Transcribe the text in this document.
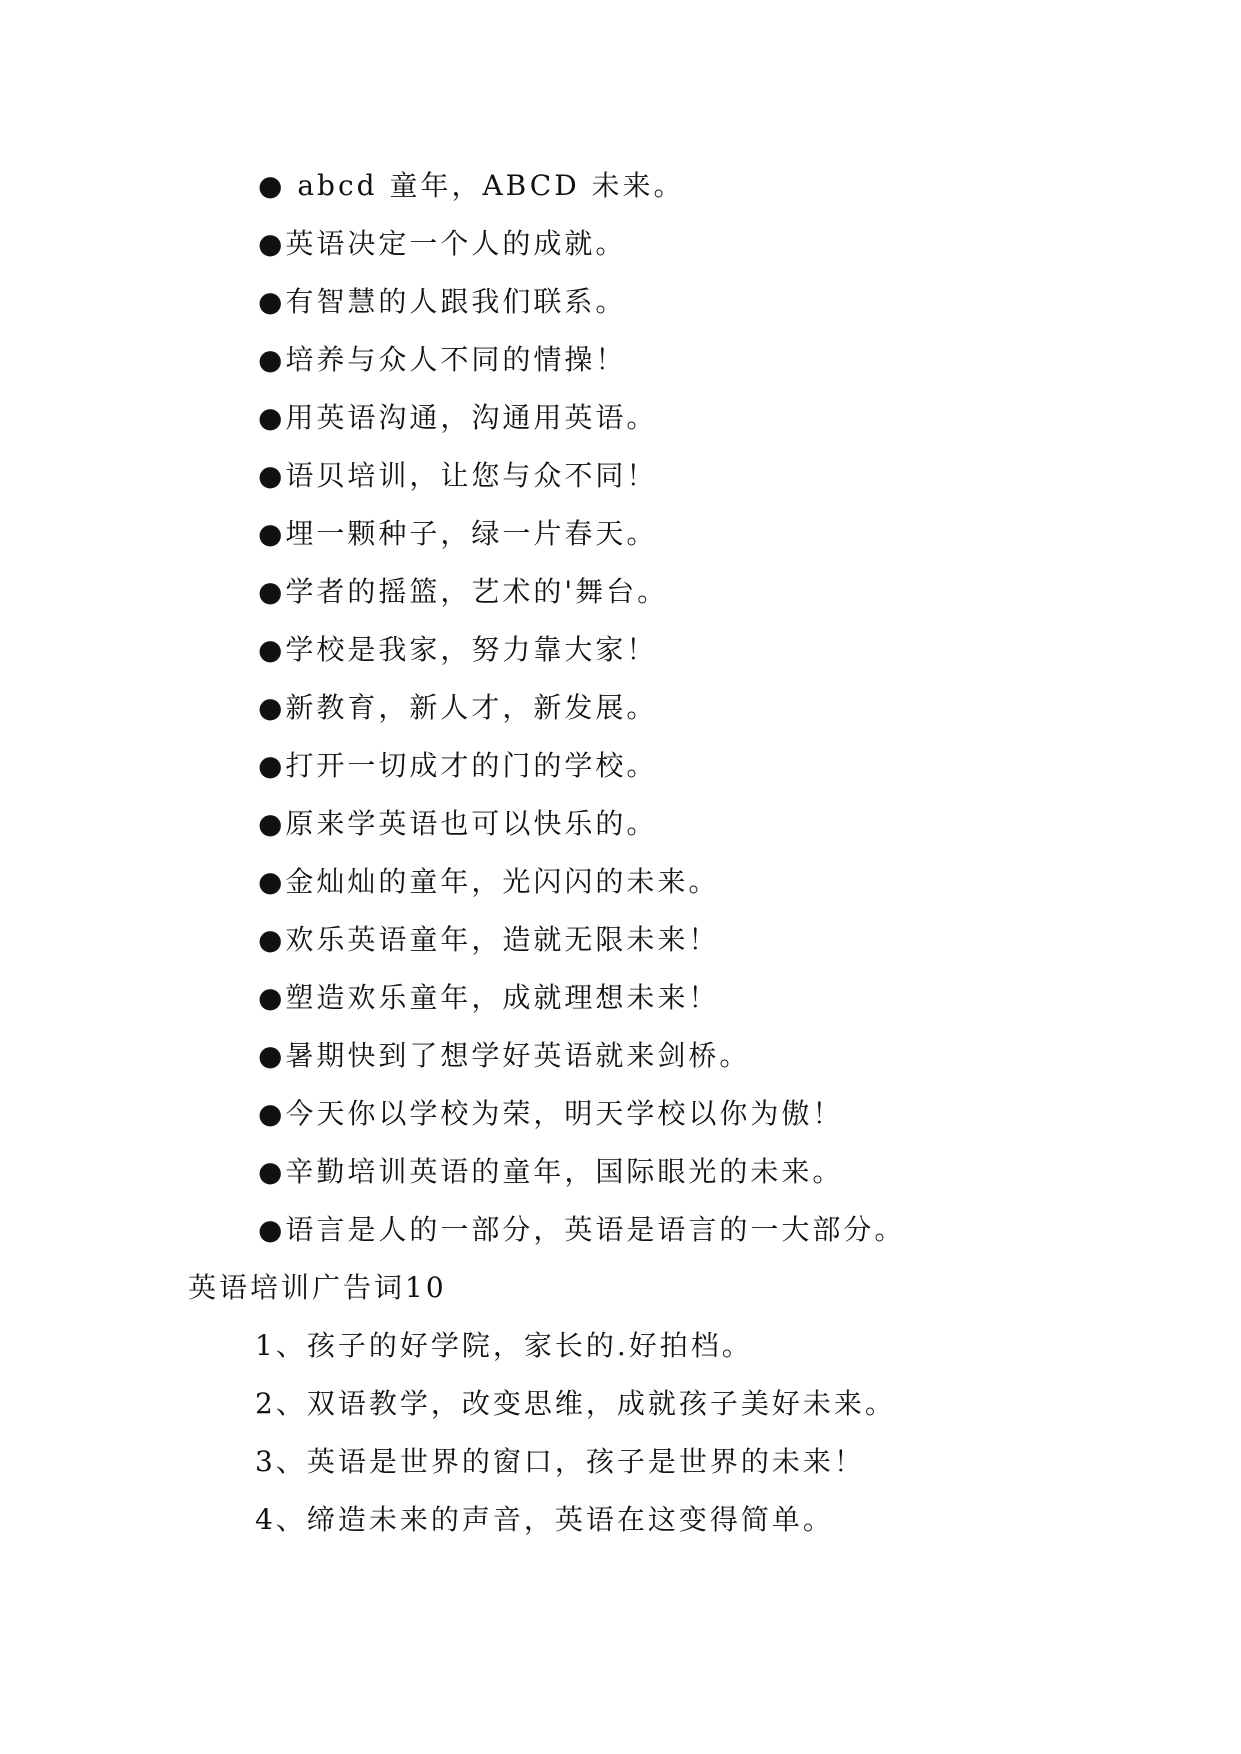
● abcd 童年，ABCD 未来。

●英语决定一个人的成就。

●有智慧的人跟我们联系。

●培养与众人不同的情操！

●用英语沟通，沟通用英语。

●语贝培训，让您与众不同！

●埋一颗种子，绿一片春天。

●学者的摇篮，艺术的'舞台。

●学校是我家，努力靠大家！

●新教育，新人才，新发展。

●打开一切成才的门的学校。

●原来学英语也可以快乐的。

●金灿灿的童年，光闪闪的未来。

●欢乐英语童年，造就无限未来！

●塑造欢乐童年，成就理想未来！

●暑期快到了想学好英语就来剑桥。

●今天你以学校为荣，明天学校以你为傲！

●辛勤培训英语的童年，国际眼光的未来。

●语言是人的一部分，英语是语言的一大部分。

英语培训广告词10

1、孩子的好学院，家长的.好拍档。

2、双语教学，改变思维，成就孩子美好未来。

3、英语是世界的窗口，孩子是世界的未来！

4、缔造未来的声音，英语在这变得简单。
